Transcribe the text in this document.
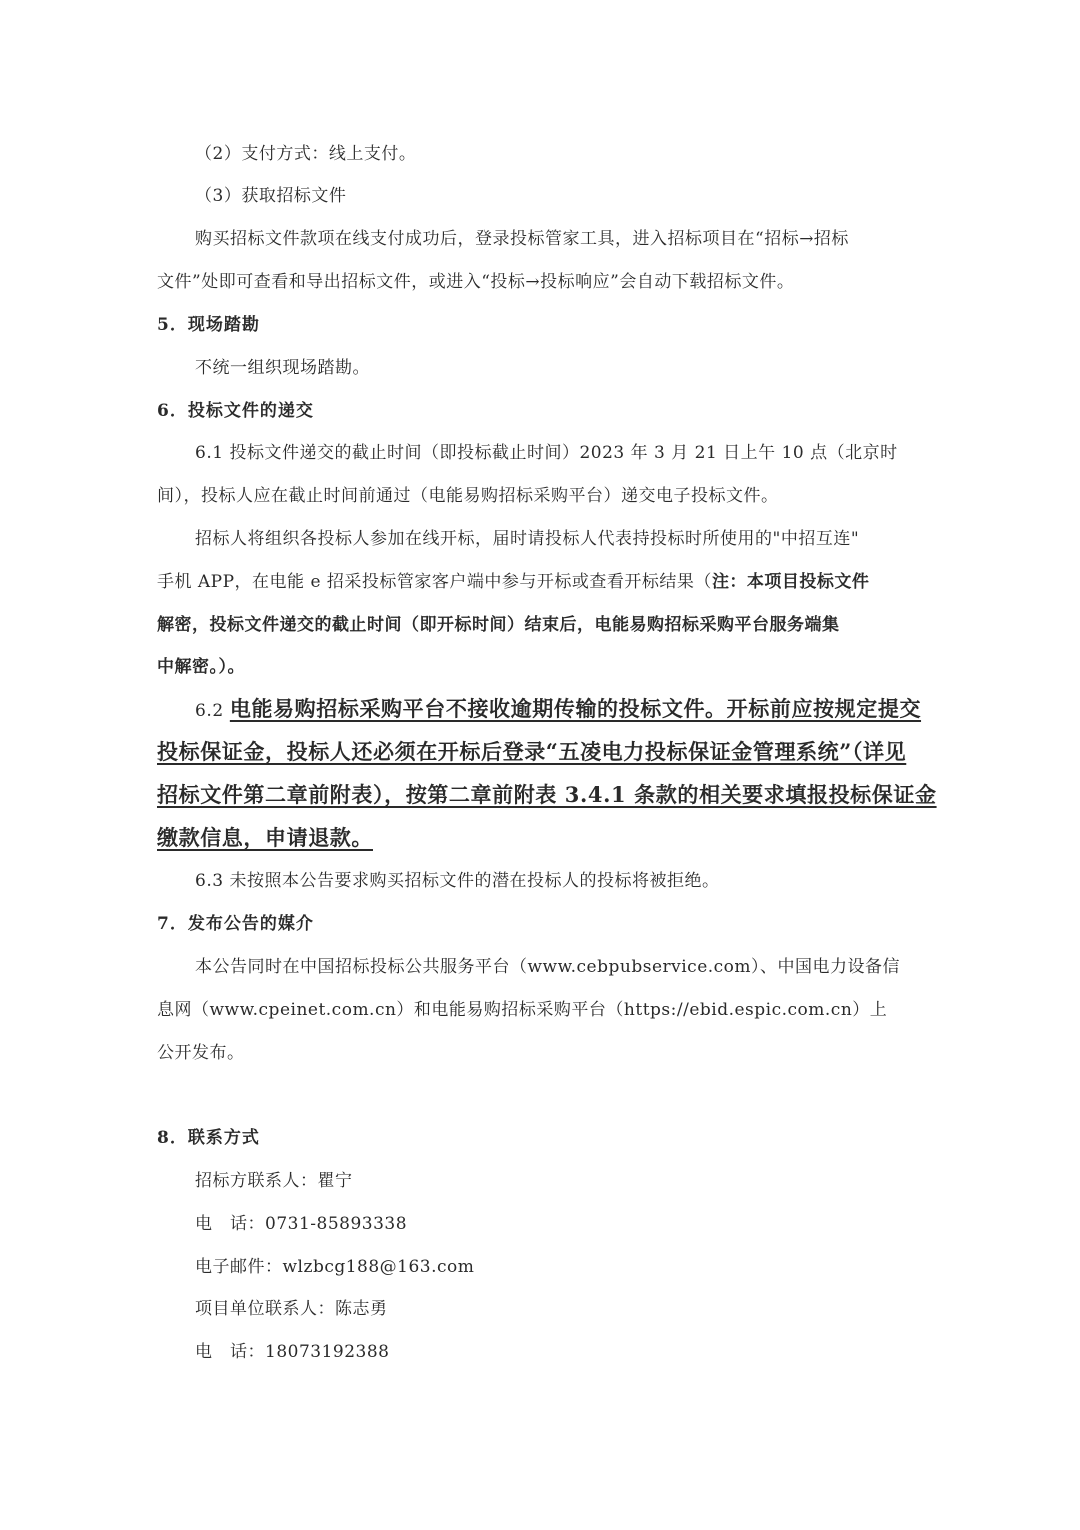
（2）支付方式：线上支付。
（3）获取招标文件
购买招标文件款项在线支付成功后，登录投标管家工具，进入招标项目在“招标→招标
文件”处即可查看和导出招标文件，或进入“投标→投标响应”会自动下载招标文件。
5．现场踏勘
不统一组织现场踏勘。
6．投标文件的递交
6.1 投标文件递交的截止时间（即投标截止时间）2023 年 3 月 21 日上午 10 点（北京时
间），投标人应在截止时间前通过（电能易购招标采购平台）递交电子投标文件。
招标人将组织各投标人参加在线开标，届时请投标人代表持投标时所使用的"中招互连"
手机 APP，在电能 e 招采投标管家客户端中参与开标或查看开标结果（注：本项目投标文件
解密，投标文件递交的截止时间（即开标时间）结束后，电能易购招标采购平台服务端集
中解密。）。
6.2 电能易购招标采购平台不接收逾期传输的投标文件。开标前应按规定提交
投标保证金，投标人还必须在开标后登录“五凌电力投标保证金管理系统”（详见
招标文件第二章前附表），按第二章前附表 3.4.1 条款的相关要求填报投标保证金
缴款信息，申请退款。
6.3 未按照本公告要求购买招标文件的潜在投标人的投标将被拒绝。
7．发布公告的媒介
本公告同时在中国招标投标公共服务平台（www.cebpubservice.com）、中国电力设备信
息网（www.cpeinet.com.cn）和电能易购招标采购平台（https://ebid.espic.com.cn）上
公开发布。
8．联系方式
招标方联系人：瞿宁
电　话：0731-85893338
电子邮件：wlzbcg188@163.com
项目单位联系人：陈志勇
电　话：18073192388
